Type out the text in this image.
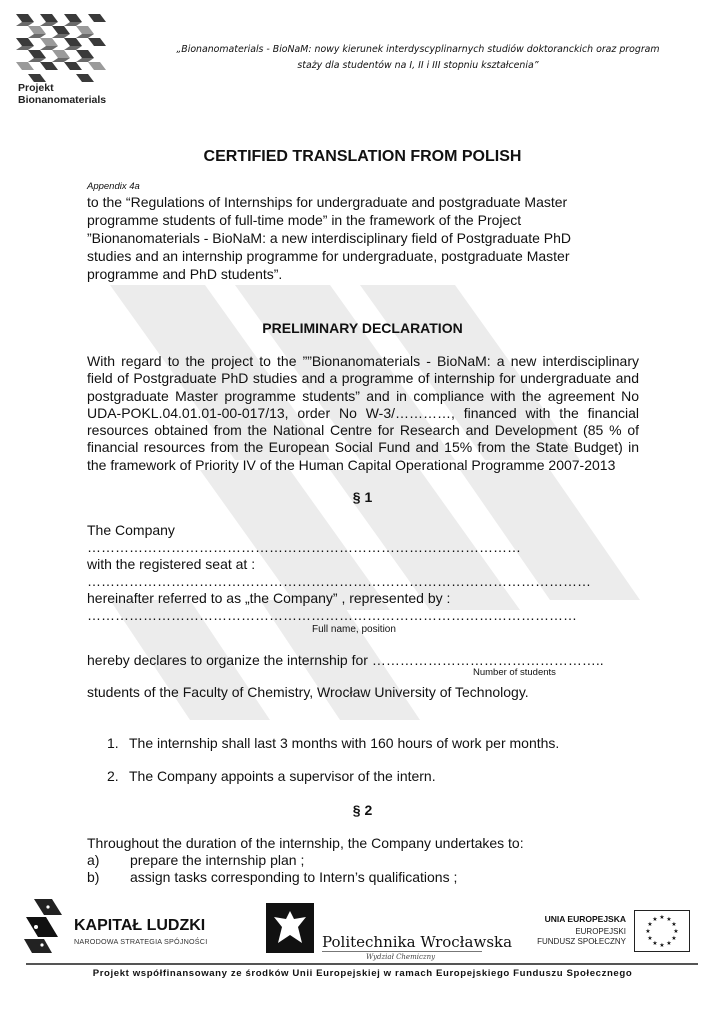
Projekt
Bionanomaterials
„Bionanomaterials - BioNaM: nowy kierunek interdyscyplinarnych studiów doktoranckich oraz program
staży dla studentów na I, II i III stopniu kształcenia”
CERTIFIED TRANSLATION FROM POLISH
Appendix 4a
to the “Regulations of Internships for undergraduate and postgraduate Master
programme students of full-time mode” in the framework of the Project
”Bionanomaterials - BioNaM: a new interdisciplinary field of Postgraduate PhD
studies and an internship programme for undergraduate, postgraduate Master
programme and PhD students”.
PRELIMINARY DECLARATION
With regard to the project to the ””Bionanomaterials - BioNaM: a new interdisciplinary field of Postgraduate PhD studies and a programme of internship for undergraduate and postgraduate Master programme students” and in compliance with the agreement No UDA-POKL.04.01.01-00-017/13, order No W-3/…………, financed with the financial resources obtained from the National Centre for Research and Development (85 % of financial resources from the European Social Fund and 15% from the State Budget) in the framework of Priority IV of the Human Capital Operational Programme 2007-2013
§ 1
The Company
…………………………………………………………………………………
with the registered seat at :
………………………………………………………………………………………………
hereinafter referred to as „the Company” , represented by :
……………………………………………………………………………………………
Full name, position
hereby declares to organize the internship for …………………………………………..
Number of students
students of the Faculty of Chemistry, Wrocław University of Technology.
1. The internship shall last 3 months with 160 hours of work per months.
2. The Company appoints a supervisor of the intern.
§ 2
Throughout the duration of the internship, the Company undertakes to:
a) prepare the internship plan ;
b) assign tasks corresponding to Intern’s qualifications ;
KAPITAŁ LUDZKI
NARODOWA STRATEGIA SPÓJNOŚCI	Politechnika Wrocławska
Wydział Chemiczny
UNIA EUROPEJSKA
EUROPEJSKI
FUNDUSZ SPOŁECZNY
★ ★
★
★
★
★
★
★
★
★
★
★
Projekt współfinansowany ze środków Unii Europejskiej w ramach Europejskiego Funduszu Społecznego
